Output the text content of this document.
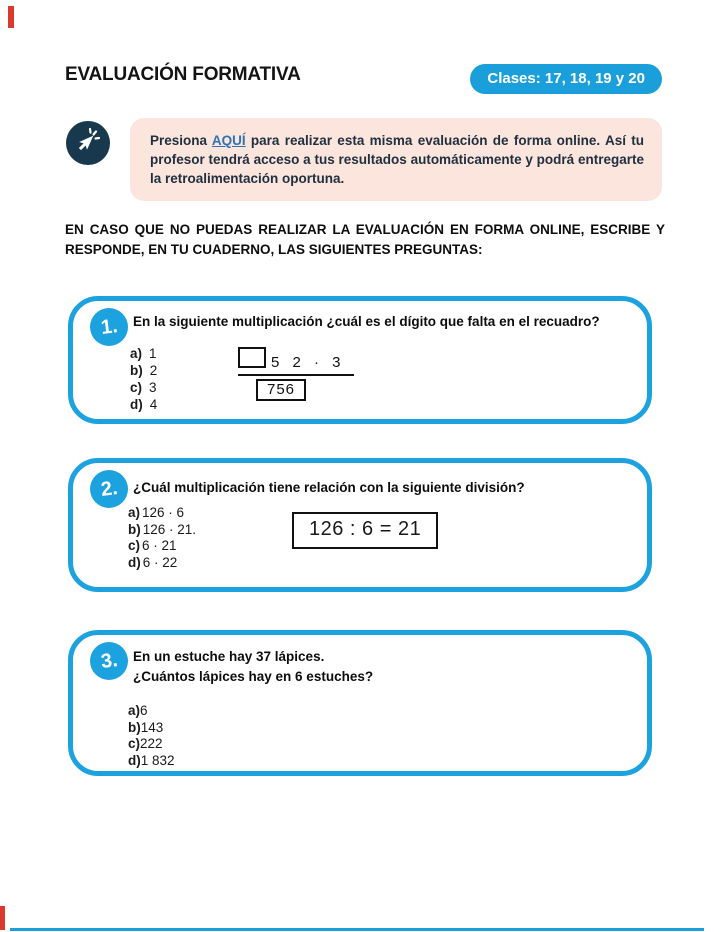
EVALUACIÓN FORMATIVA	Clases: 17, 18, 19 y 20

Presiona AQUÍ para realizar esta misma evaluación de forma online. Así tu profesor tendrá acceso a tus resultados automáticamente y podrá entregarte la retroalimentación oportuna.

EN CASO QUE NO PUEDAS REALIZAR LA EVALUACIÓN EN FORMA ONLINE, ESCRIBE Y RESPONDE, EN TU CUADERNO, LAS SIGUIENTES PREGUNTAS:

1. En la siguiente multiplicación ¿cuál es el dígito que falta en el recuadro?

a) 1
b) 2
c) 3
d) 4
5 2 · 3
756
2. ¿Cuál multiplicación tiene relación con la siguiente división?

a) 126 · 6
b) 126 · 21.
c) 6 · 21
d) 6 · 22
126 : 6 = 21
3. En un estuche hay 37 lápices.
¿Cuántos lápices hay en 6 estuches?

a)6
b)143
c)222
d)1 832
